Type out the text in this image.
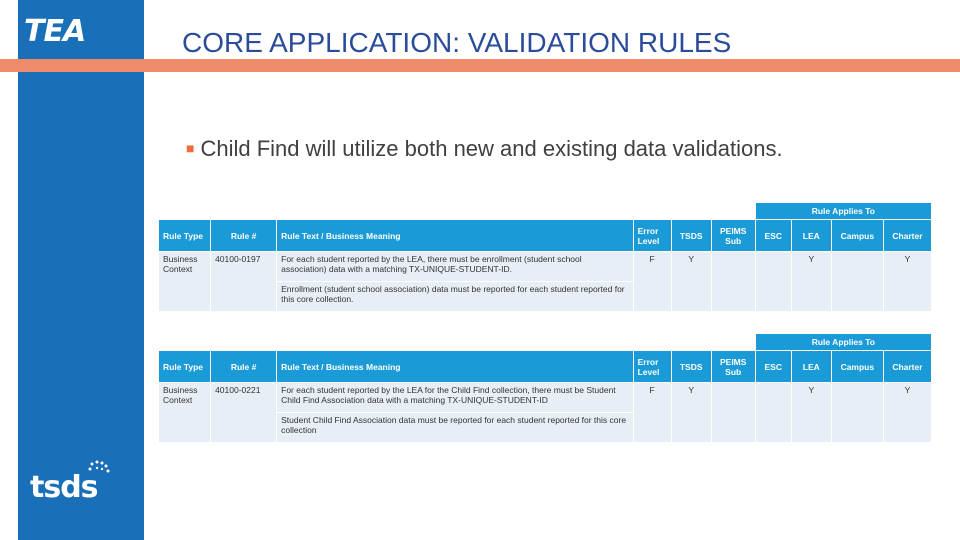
TEA
tsds
CORE APPLICATION: VALIDATION RULES
■ Child Find will utilize both new and existing data validations.
						Rule Applies To			
Rule Type	Rule #	Rule Text / Business Meaning	Error Level	TSDS	PEIMS Sub	ESC	LEA	Campus	Charter
Business Context	40100-0197	For each student reported by the LEA, there must be enrollment (student school association) data with a matching TX-UNIQUE-STUDENT-ID.	F	Y			Y		Y
		Enrollment (student school association) data must be reported for each student reported for this core collection.							
						Rule Applies To			
Rule Type	Rule #	Rule Text / Business Meaning	Error Level	TSDS	PEIMS Sub	ESC	LEA	Campus	Charter
Business Context	40100-0221	For each student reported by the LEA for the Child Find collection, there must be Student Child Find Association data with a matching TX-UNIQUE-STUDENT-ID	F	Y			Y		Y
		Student Child Find Association data must be reported for each student reported for this core collection							
